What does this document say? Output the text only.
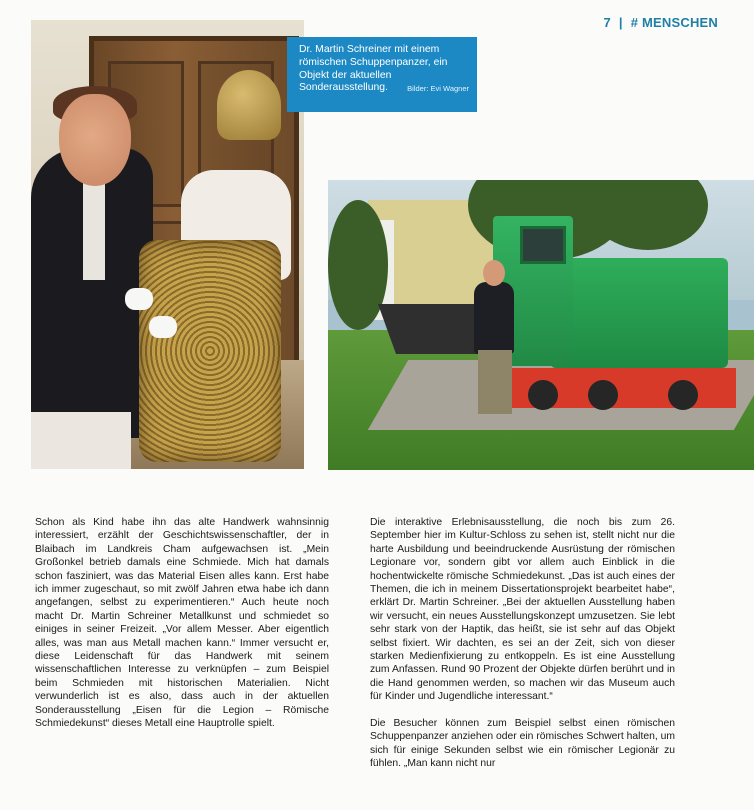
7 | # MENSCHEN
Dr. Martin Schreiner mit einem römischen Schuppenpanzer, ein Objekt der aktuellen Sonderausstellung.	Bilder: Evi Wagner

Schon als Kind habe ihn das alte Handwerk wahnsinnig interessiert, erzählt der Geschichtswissenschaftler, der in Blaibach im Landkreis Cham aufgewachsen ist. „Mein Großonkel betrieb damals eine Schmiede. Mich hat damals schon fasziniert, was das Material Eisen alles kann. Erst habe ich immer zugeschaut, so mit zwölf Jahren etwa habe ich dann angefangen, selbst zu experimentieren.“ Auch heute noch macht Dr. Martin Schreiner Metallkunst und schmiedet so einiges in seiner Freizeit. „Vor allem Messer. Aber eigentlich alles, was man aus Metall machen kann.“ Immer versucht er, diese Leidenschaft für das Handwerk mit seinem wissenschaftlichen Interesse zu verknüpfen – zum Beispiel beim Schmieden mit historischen Materialien. Nicht verwunderlich ist es also, dass auch in der aktuellen Sonderausstellung „Eisen für die Legion – Römische Schmiedekunst“ dieses Metall eine Hauptrolle spielt.

Die interaktive Erlebnisausstellung, die noch bis zum 26. September hier im Kultur-Schloss zu sehen ist, stellt nicht nur die harte Ausbildung und beeindruckende Ausrüstung der römischen Legionare vor, sondern gibt vor allem auch Einblick in die hochentwickelte römische Schmiedekunst. „Das ist auch eines der Themen, die ich in meinem Dissertationsprojekt bearbeitet habe“, erklärt Dr. Martin Schreiner. „Bei der aktuellen Ausstellung haben wir versucht, ein neues Ausstellungskonzept umzusetzen. Sie lebt sehr stark von der Haptik, das heißt, sie ist sehr auf das Objekt selbst fixiert. Wir dachten, es sei an der Zeit, sich von dieser starken Medienfixierung zu entkoppeln. Es ist eine Ausstellung zum Anfassen. Rund 90 Prozent der Objekte dürfen berührt und in die Hand genommen werden, so machen wir das Museum auch für Kinder und Jugendliche interessant.“

Die Besucher können zum Beispiel selbst einen römischen Schuppenpanzer anziehen oder ein römisches Schwert halten, um sich für einige Sekunden selbst wie ein römischer Legionär zu fühlen. „Man kann nicht nur
